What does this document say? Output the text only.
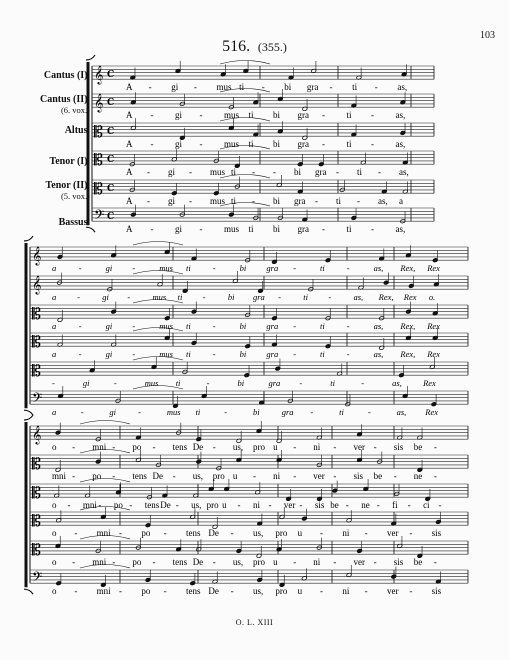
103
516. (355.)
Cantus (I).
Cantus (II).
(6. vox.)
Altus.
Tenor (I).
Tenor (II).
(5. vox.)
Bassus.
𝄞 C
A - gi - mus ti - bi gra - ti - as,
𝄞 C
A - gi - mus ti bi gra - ti - as,
𝄡 C
A - gi - mus ti bi gra - ti - as,
𝄡 C
A - gi - mus ti - - bi gra - ti - as,
𝄡 C
A - gi - mus ti - bi gra - ti - as, a
𝄢 C
A - gi - mus ti bi gra - ti - as,
𝄞
a	-	gi -	mus ti	-	bi gra -	ti	-	as, Rex, Rex
𝄞
a -	gi -	mus ti -	bi gra -	ti -	as, Rex, Rex o.
𝄡
a	-	gi -	mus ti	-	bi gra -	ti	-	as, Rex, Rex
𝄡
a	-	gi -	mus ti	-	bi gra -	ti	-	as, Rex, Rex
𝄡
-	gi	-	mus ti	-	bi	gra -	ti	-	as, Rex
𝄢
a	-	gi	-	mus ti	-	bi	gra -	ti	-	as, Rex
𝄞
o - mni - po - tens De - us, pro u - ni - ver - sis be -
𝄡
mni - po - tens De - us, pro u - ni - ver - sis be - ne -
𝄡
o - mni - po - tens De - us, pro u - ni - ver - sis be - ne - fi - ci -
𝄡
o - mni - po - tens De - us, pro u - ni - ver - sis
𝄡
o - mni - po - tens De - us, pro u - ni - ver - sis be -
𝄢
o - mni - po - tens De - us, pro u - ni - ver - sis
O. L. XIII
